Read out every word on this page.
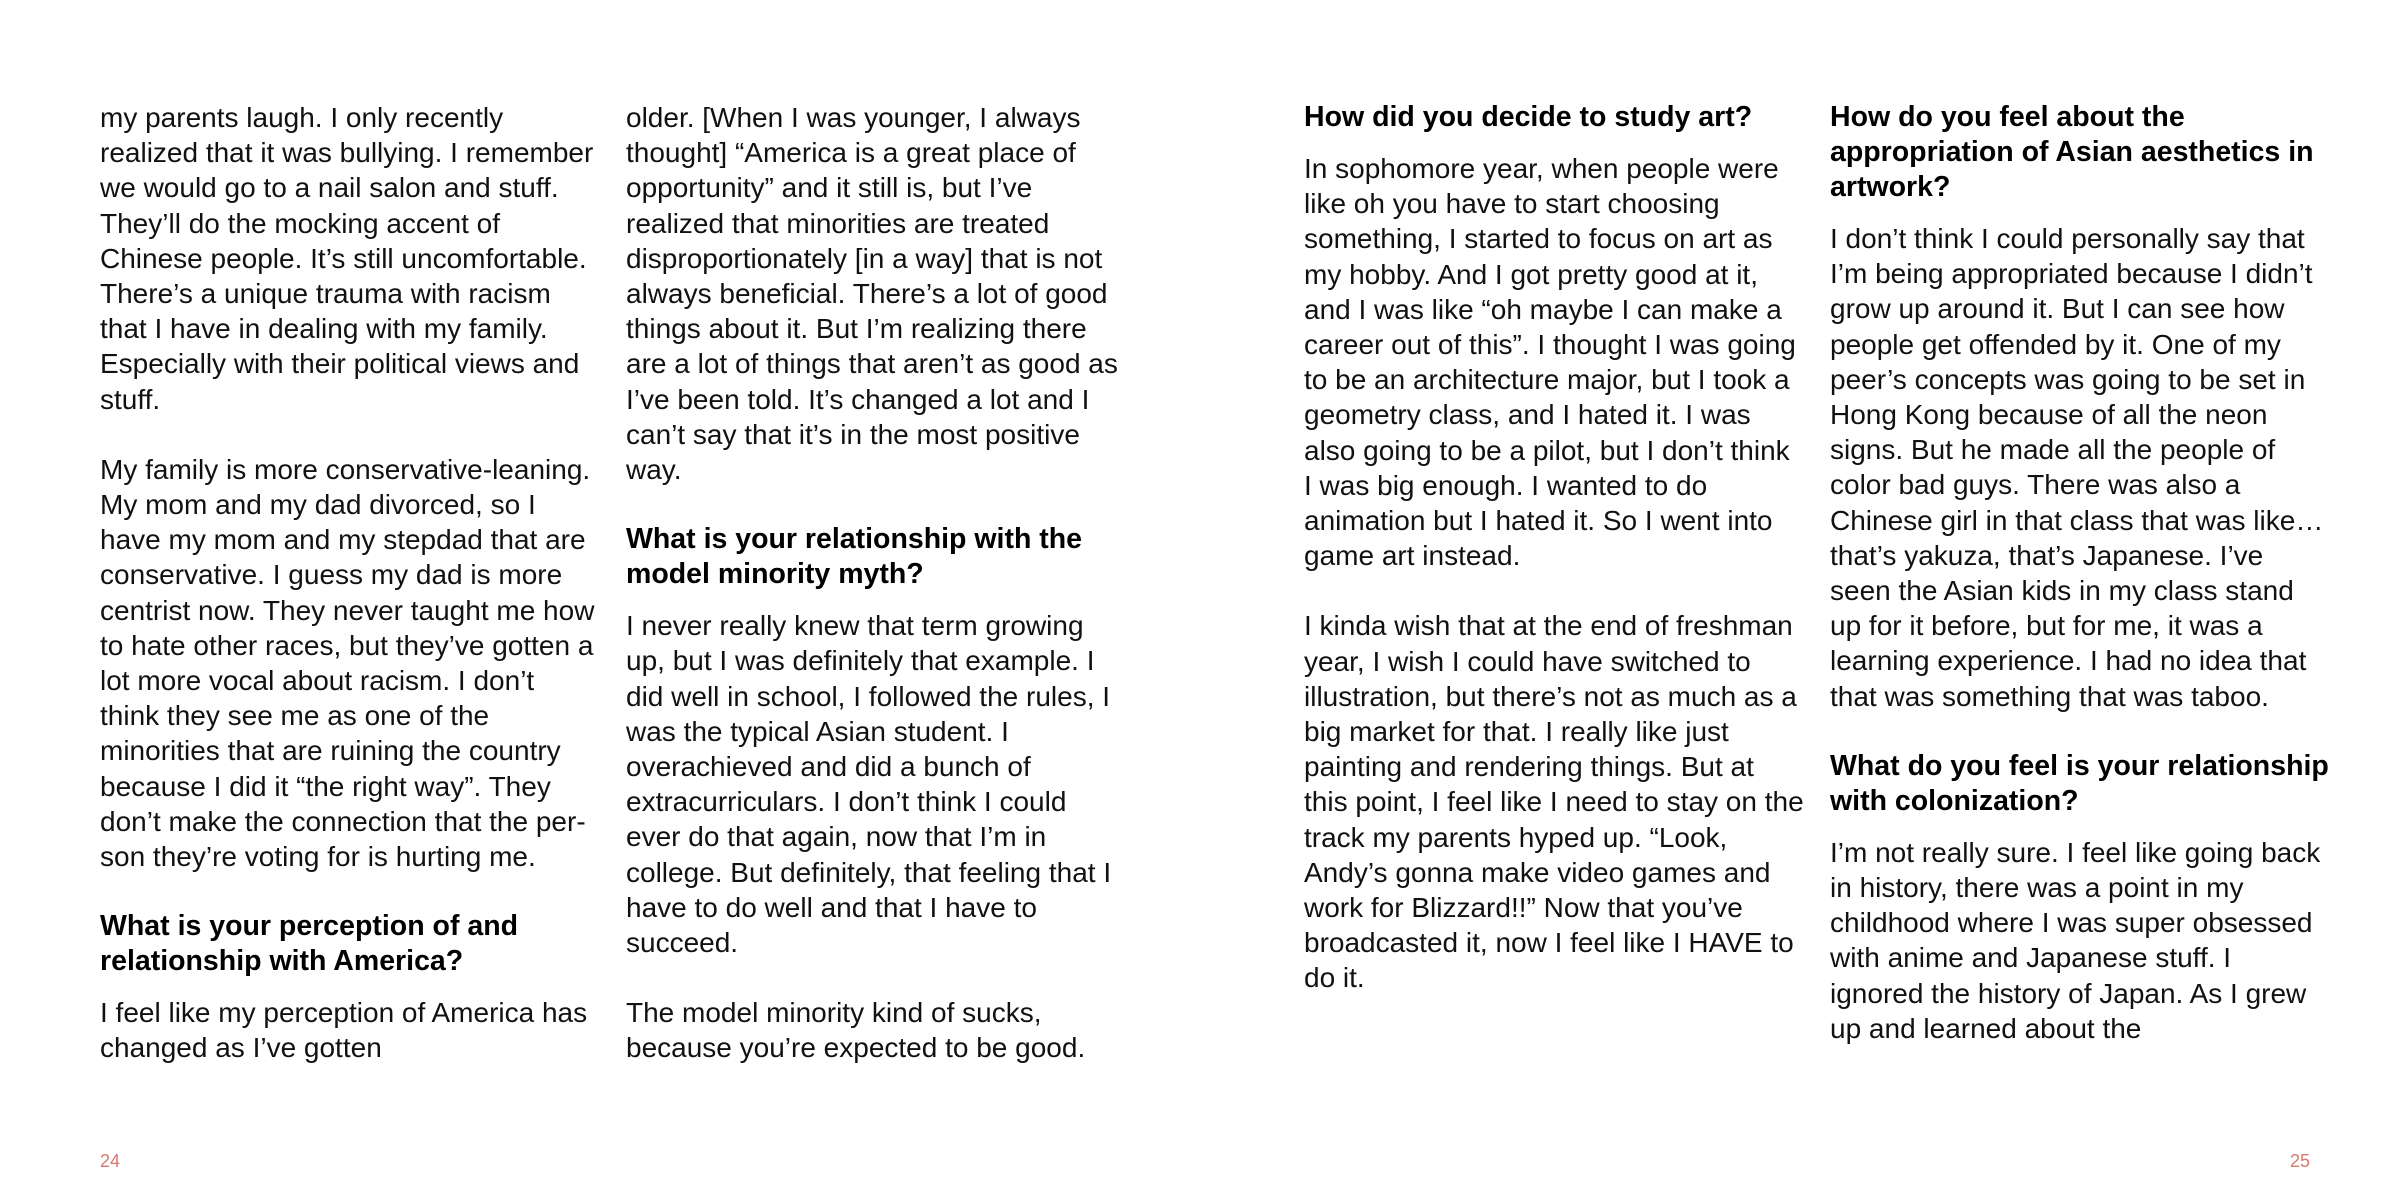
my parents laugh. I only recently realized that it was bullying. I remember we would go to a nail salon and stuff. They’ll do the mocking accent of Chinese people. It’s still uncomfortable. There’s a unique trauma with racism that I have in dealing with my family. Especially with their political views and stuff.

My family is more conservative-leaning. My mom and my dad divorced, so I have my mom and my stepdad that are conservative. I guess my dad is more centrist now. They never taught me how to hate other races, but they’ve gotten a lot more vocal about racism. I don’t think they see me as one of the minorities that are ruining the country because I did it “the right way”. They don’t make the connection that the person they’re voting for is hurting me.

What is your perception of and relationship with America?

I feel like my perception of America has changed as I’ve gotten

older. [When I was younger, I always thought] “America is a great place of opportunity” and it still is, but I’ve realized that minorities are treated disproportionately [in a way] that is not always beneficial. There’s a lot of good things about it. But I’m realizing there are a lot of things that aren’t as good as I’ve been told. It’s changed a lot and I can’t say that it’s in the most positive way.

What is your relationship with the model minority myth?

I never really knew that term growing up, but I was definitely that example. I did well in school, I followed the rules, I was the typical Asian student. I overachieved and did a bunch of extracurriculars. I don’t think I could ever do that again, now that I’m in college. But definitely, that feeling that I have to do well and that I have to succeed.

The model minority kind of sucks, because you’re expected to be good.

How did you decide to study art?

In sophomore year, when people were like oh you have to start choosing something, I started to focus on art as my hobby. And I got pretty good at it, and I was like “oh maybe I can make a career out of this”. I thought I was going to be an architecture major, but I took a geometry class, and I hated it. I was also going to be a pilot, but I don’t think I was big enough. I wanted to do animation but I hated it. So I went into game art instead.

I kinda wish that at the end of freshman year, I wish I could have switched to illustration, but there’s not as much as a big market for that. I really like just painting and rendering things. But at this point, I feel like I need to stay on the track my parents hyped up. “Look, Andy’s gonna make video games and work for Blizzard!!” Now that you’ve broadcasted it, now I feel like I HAVE to do it.

How do you feel about the appropriation of Asian aesthetics in artwork?

I don’t think I could personally say that I’m being appropriated because I didn’t grow up around it. But I can see how people get offended by it. One of my peer’s concepts was going to be set in Hong Kong because of all the neon signs. But he made all the people of color bad guys. There was also a Chinese girl in that class that was like… that’s yakuza, that’s Japanese. I’ve seen the Asian kids in my class stand up for it before, but for me, it was a learning experience. I had no idea that that was something that was taboo.

What do you feel is your relationship with colonization?

I’m not really sure. I feel like going back in history, there was a point in my childhood where I was super obsessed with anime and Japanese stuff. I ignored the history of Japan. As I grew up and learned about the

24	25
